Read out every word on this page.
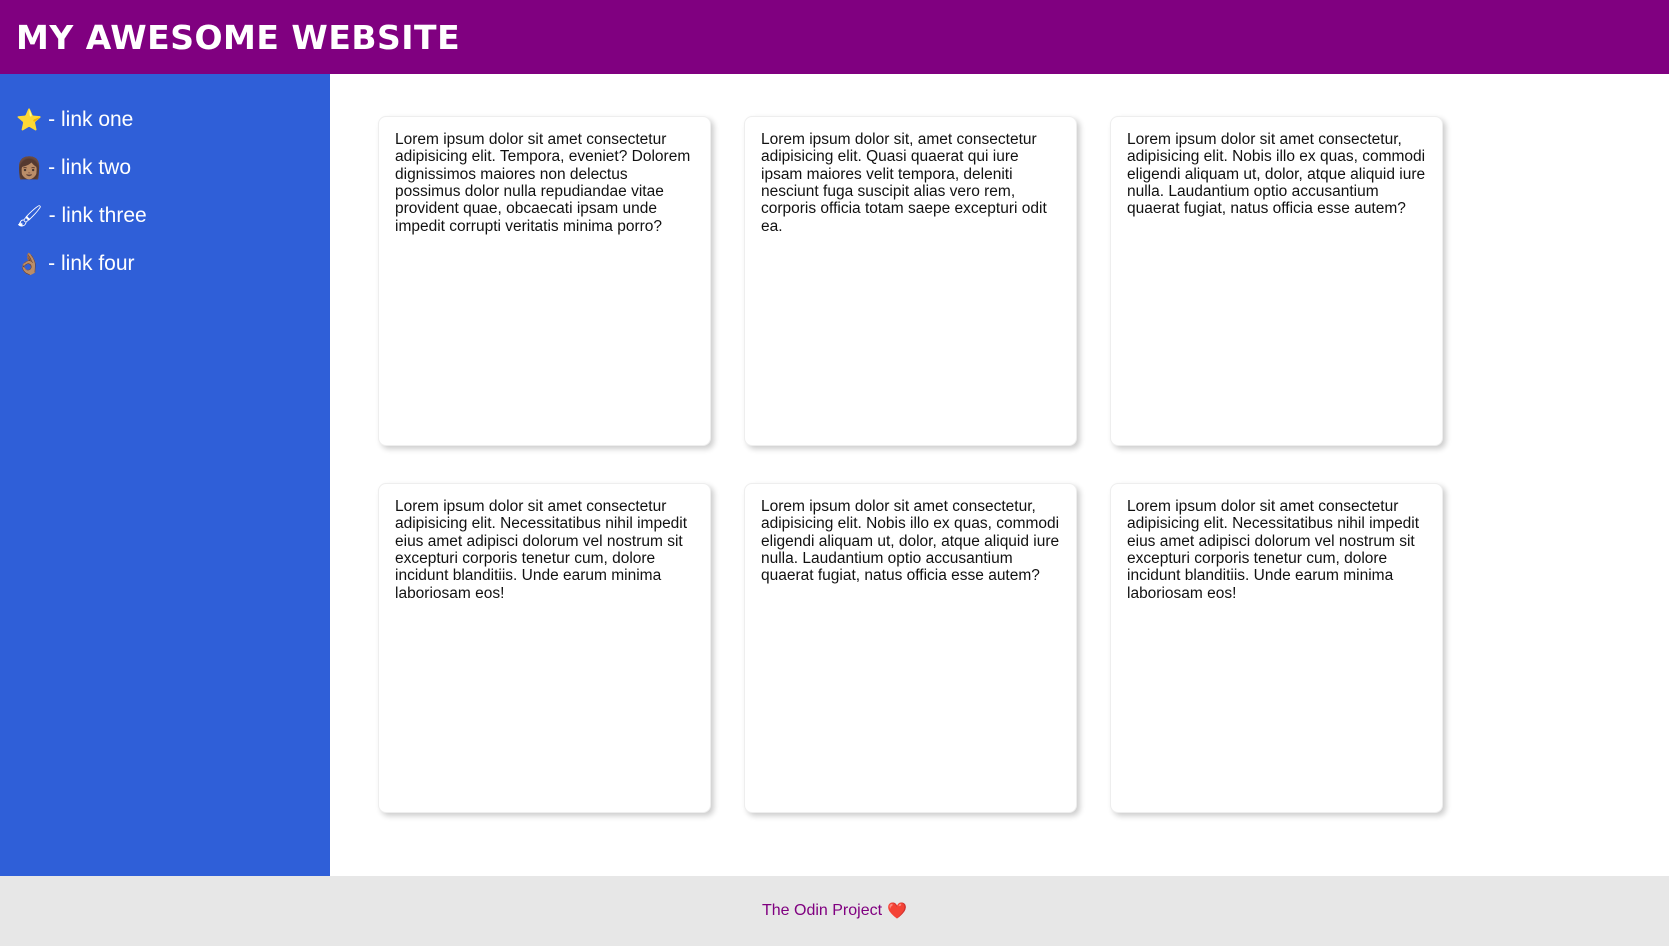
MY AWESOME WEBSITE
⭐ - link one
👩🏽 - link two
🖌 - link three
👌🏽 - link four
Lorem ipsum dolor sit amet consectetur adipisicing elit. Tempora, eveniet? Dolorem dignissimos maiores non delectus possimus dolor nulla repudiandae vitae provident quae, obcaecati ipsam unde impedit corrupti veritatis minima porro?
Lorem ipsum dolor sit, amet consectetur adipisicing elit. Quasi quaerat qui iure ipsam maiores velit tempora, deleniti nesciunt fuga suscipit alias vero rem, corporis officia totam saepe excepturi odit ea.
Lorem ipsum dolor sit amet consectetur, adipisicing elit. Nobis illo ex quas, commodi eligendi aliquam ut, dolor, atque aliquid iure nulla. Laudantium optio accusantium quaerat fugiat, natus officia esse autem?
Lorem ipsum dolor sit amet consectetur adipisicing elit. Necessitatibus nihil impedit eius amet adipisci dolorum vel nostrum sit excepturi corporis tenetur cum, dolore incidunt blanditiis. Unde earum minima laboriosam eos!
Lorem ipsum dolor sit amet consectetur, adipisicing elit. Nobis illo ex quas, commodi eligendi aliquam ut, dolor, atque aliquid iure nulla. Laudantium optio accusantium quaerat fugiat, natus officia esse autem?
Lorem ipsum dolor sit amet consectetur adipisicing elit. Necessitatibus nihil impedit eius amet adipisci dolorum vel nostrum sit excepturi corporis tenetur cum, dolore incidunt blanditiis. Unde earum minima laboriosam eos!
The Odin Project ❤️
